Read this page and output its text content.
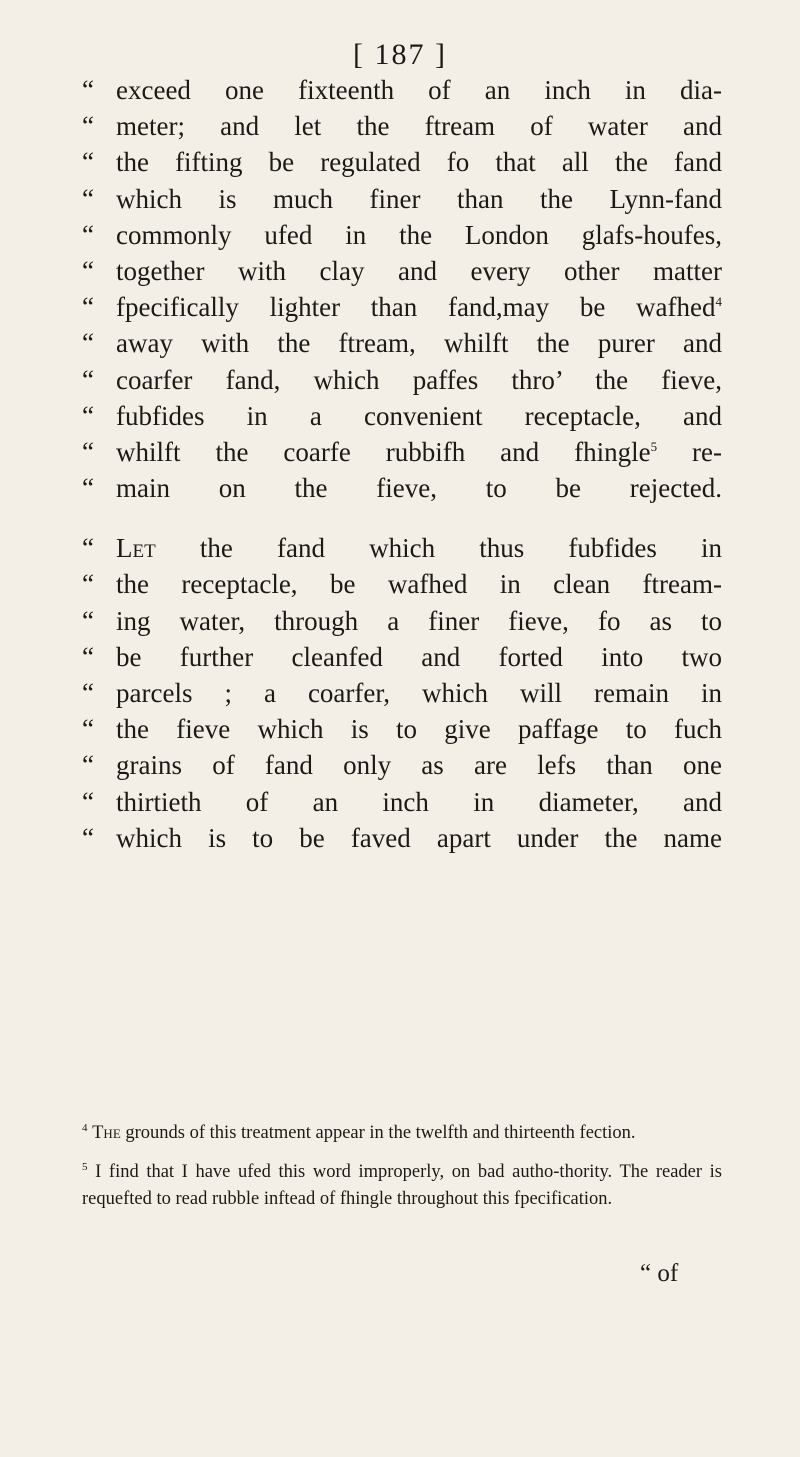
[ 187 ]
“ exceed one fixteenth of an inch in dia-
“ meter; and let the ftream of water and
“ the fifting be regulated fo that all the fand
“ which is much finer than the Lynn-fand
“ commonly ufed in the London glafs-houfes,
“ together with clay and every other matter
“ fpecifically lighter than fand,may be wafhed$^4$
“ away with the ftream, whilft the purer and
“ coarfer fand, which paffes thro’ the fieve,
“ fubfides in a convenient receptacle, and
“ whilft the coarfe rubbifh and fhingle$^5$ re-
“ main on the fieve, to be rejected.
“ Let the fand which thus fubfides in
“ the receptacle, be wafhed in clean ftream-
“ ing water, through a finer fieve, fo as to
“ be further cleanfed and forted into two
“ parcels ; a coarfer, which will remain in
“ the fieve which is to give paffage to fuch
“ grains of fand only as are lefs than one
“ thirtieth of an inch in diameter, and
“ which is to be faved apart under the name
$^4$ The grounds of this treatment appear in the twelfth and thirteenth fection.
$^5$ I find that I have ufed this word improperly, on bad autho-thority. The reader is requefted to read rubble inftead of fhingle throughout this fpecification.
“ of
